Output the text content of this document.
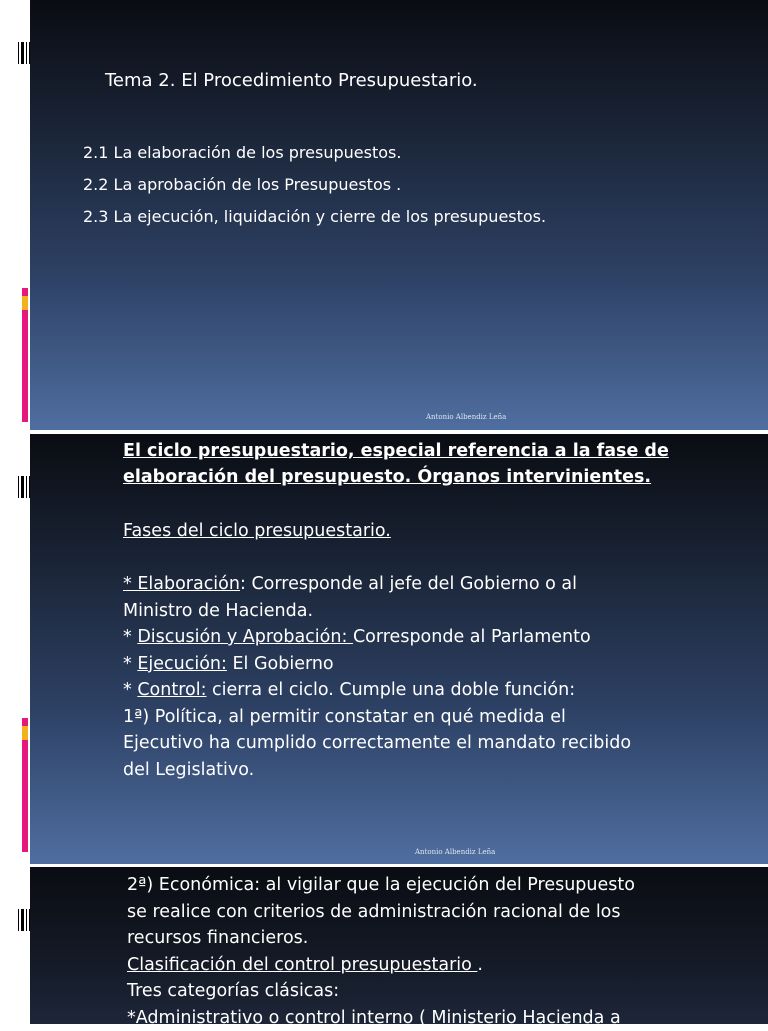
Tema 2. El Procedimiento Presupuestario.
2.1 La elaboración de los presupuestos.
2.2 La aprobación de los Presupuestos .
2.3 La ejecución, liquidación y cierre de los presupuestos.
Antonio Albendiz Leña
Antonio Albendiz Leña
El ciclo presupuestario, especial referencia a la fase de
elaboración del presupuesto. Órganos intervinientes.
Fases del ciclo presupuestario.
* Elaboración: Corresponde al jefe del Gobierno o al
Ministro de Hacienda.
* Discusión y Aprobación: Corresponde al Parlamento
* Ejecución: El Gobierno
* Control: cierra el ciclo. Cumple una doble función:
1ª) Política, al permitir constatar en qué medida el
Ejecutivo ha cumplido correctamente el mandato recibido
del Legislativo.
2ª) Económica: al vigilar que la ejecución del Presupuesto
se realice con criterios de administración racional de los
recursos financieros.
Clasificación del control presupuestario .
Tres categorías clásicas:
*Administrativo o control interno ( Ministerio Hacienda a
